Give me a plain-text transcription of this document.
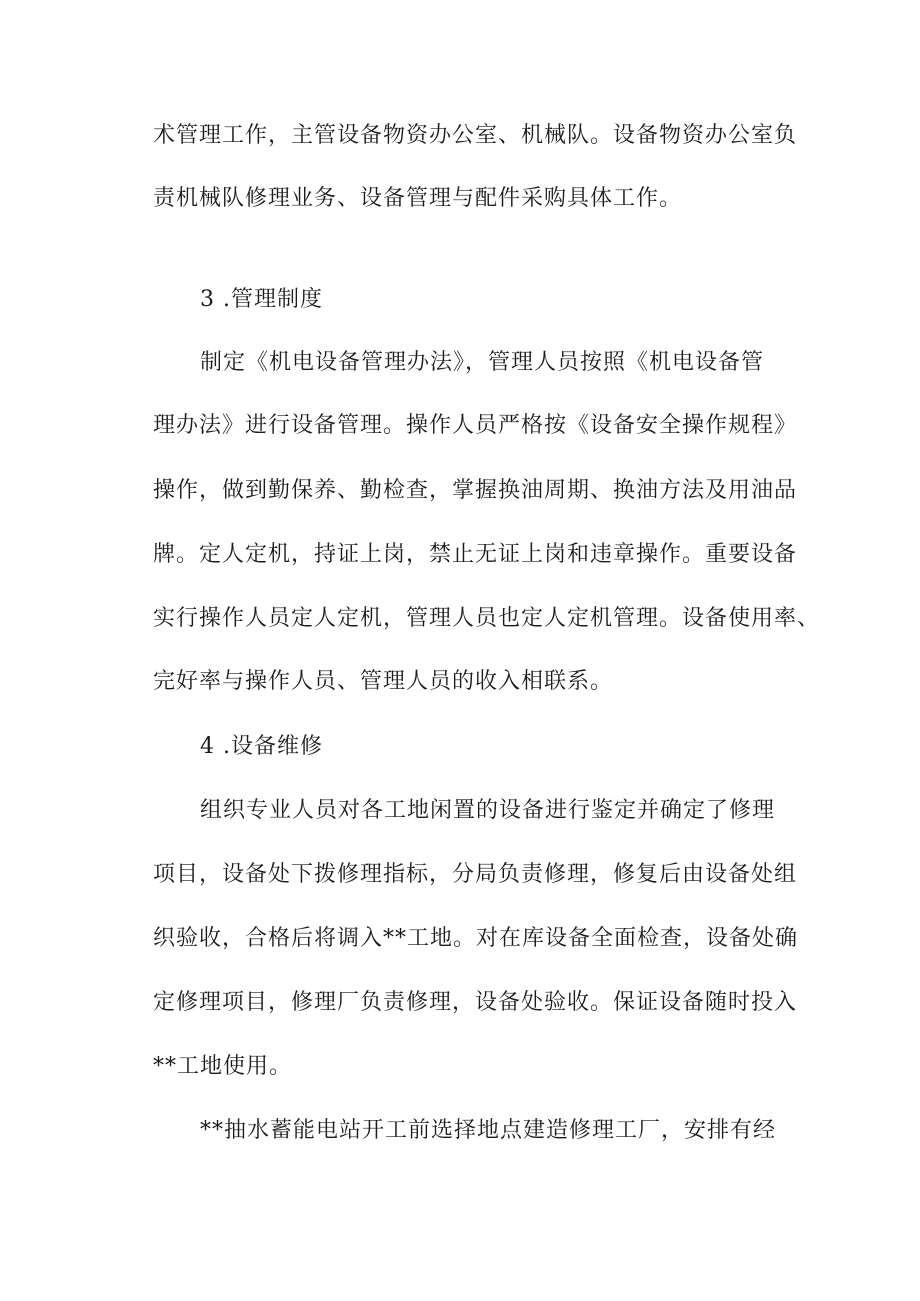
术管理工作，主管设备物资办公室、机械队。设备物资办公室负
责机械队修理业务、设备管理与配件采购具体工作。
3 .管理制度
制定《机电设备管理办法》，管理人员按照《机电设备管
理办法》进行设备管理。操作人员严格按《设备安全操作规程》
操作，做到勤保养、勤检查，掌握换油周期、换油方法及用油品
牌。定人定机，持证上岗，禁止无证上岗和违章操作。重要设备
实行操作人员定人定机，管理人员也定人定机管理。设备使用率、
完好率与操作人员、管理人员的收入相联系。
4 .设备维修
组织专业人员对各工地闲置的设备进行鉴定并确定了修理
项目，设备处下拨修理指标，分局负责修理，修复后由设备处组
织验收，合格后将调入**工地。对在库设备全面检查，设备处确
定修理项目，修理厂负责修理，设备处验收。保证设备随时投入
**工地使用。
**抽水蓄能电站开工前选择地点建造修理工厂，安排有经
